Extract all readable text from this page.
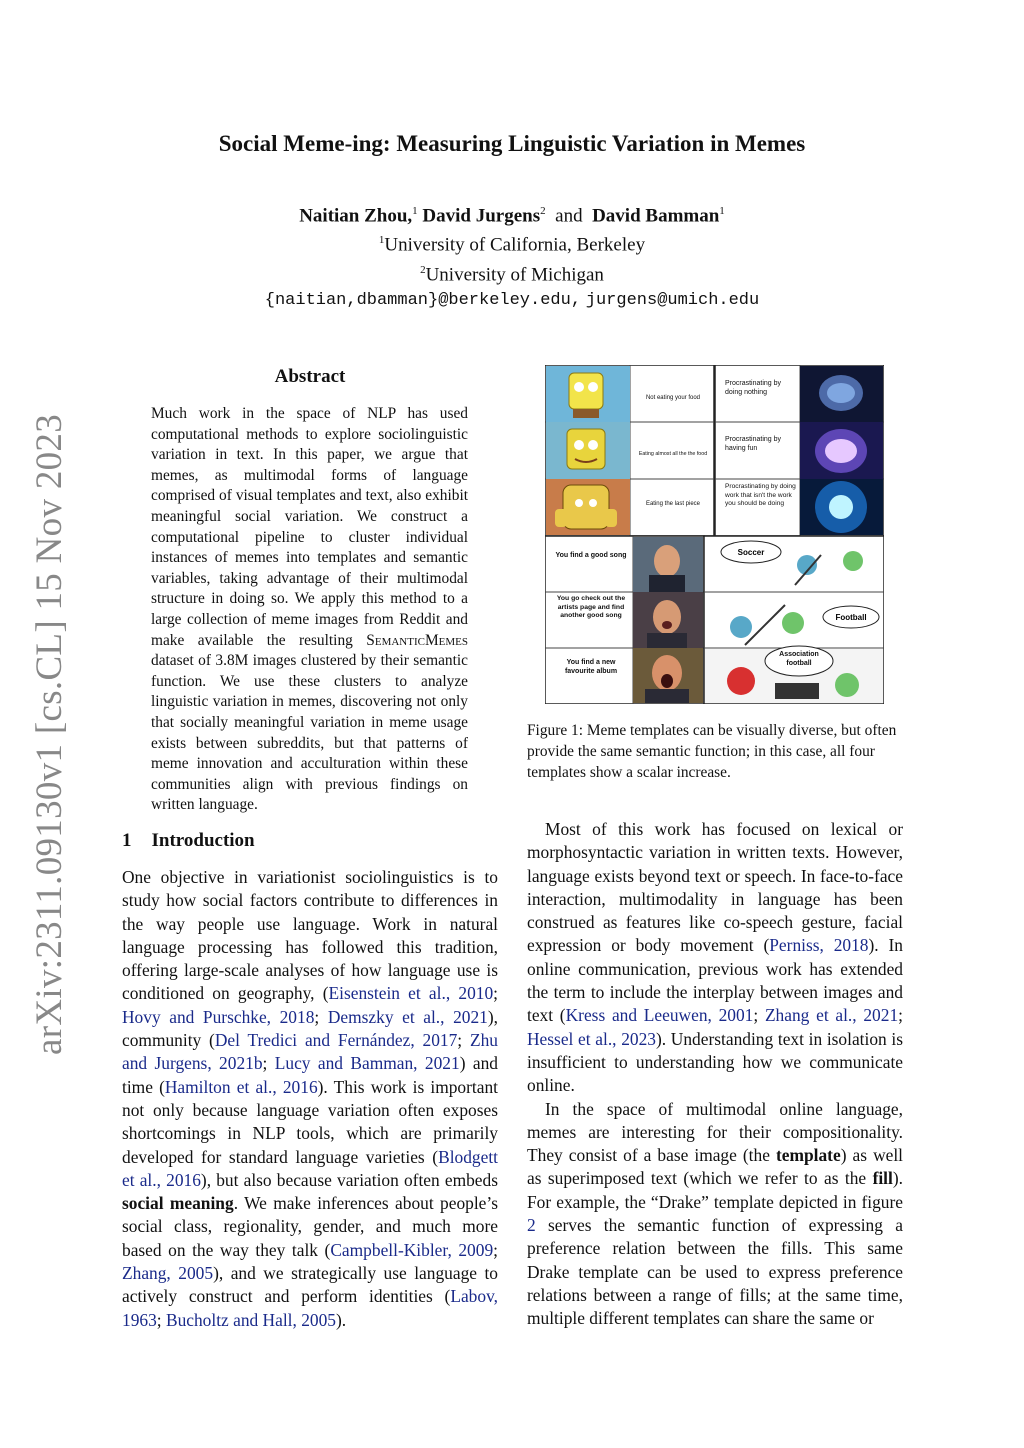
Social Meme-ing: Measuring Linguistic Variation in Memes
Naitian Zhou,$^1$ David Jurgens$^2$ and David Bamman$^1$
$^1$University of California, Berkeley
$^2$University of Michigan
{naitian,dbamman}@berkeley.edu, jurgens@umich.edu
arXiv:2311.09130v1 [cs.CL] 15 Nov 2023
Abstract
Much work in the space of NLP has used computational methods to explore sociolinguistic variation in text. In this paper, we argue that memes, as multimodal forms of language comprised of visual templates and text, also exhibit meaningful social variation. We construct a computational pipeline to cluster individual instances of memes into templates and semantic variables, taking advantage of their multimodal structure in doing so. We apply this method to a large collection of meme images from Reddit and make available the resulting SemanticMemes dataset of 3.8M images clustered by their semantic function. We use these clusters to analyze linguistic variation in memes, discovering not only that socially meaningful variation in meme usage exists between subreddits, but that patterns of meme innovation and acculturation within these communities align with previous findings on written language.
1 Introduction

One objective in variationist sociolinguistics is to study how social factors contribute to differences in the way people use language. Work in natural language processing has followed this tradition, offering large-scale analyses of how language use is conditioned on geography, (Eisenstein et al., 2010; Hovy and Purschke, 2018; Demszky et al., 2021), community (Del Tredici and Fernández, 2017; Zhu and Jurgens, 2021b; Lucy and Bamman, 2021) and time (Hamilton et al., 2016). This work is important not only because language variation often exposes shortcomings in NLP tools, which are primarily developed for standard language varieties (Blodgett et al., 2016), but also because variation often embeds social meaning. We make inferences about people’s social class, regionality, gender, and much more based on the way they talk (Campbell-Kibler, 2009; Zhang, 2005), and we strategically use language to actively construct and perform identities (Labov, 1963; Bucholtz and Hall, 2005).

Not eating your food
Eating almost all the the food
Eating the last piece
Procrastinating by doing nothing
Procrastinating by having fun
Procrastinating by doing work that isn't the work you should be doing
You find a good song
You go check out the artists page and find another good song
You find a new favourite album
Soccer
Football
Association football
Figure 1: Meme templates can be visually diverse, but often provide the same semantic function; in this case, all four templates show a scalar increase.

Most of this work has focused on lexical or morphosyntactic variation in written texts. However, language exists beyond text or speech. In face-to-face interaction, multimodality in language has been construed as features like co-speech gesture, facial expression or body movement (Perniss, 2018). In online communication, previous work has extended the term to include the interplay between images and text (Kress and Leeuwen, 2001; Zhang et al., 2021; Hessel et al., 2023). Understanding text in isolation is insufficient to understanding how we communicate online.

In the space of multimodal online language, memes are interesting for their compositionality. They consist of a base image (the template) as well as superimposed text (which we refer to as the fill). For example, the “Drake” template depicted in figure 2 serves the semantic function of expressing a preference relation between the fills. This same Drake template can be used to express preference relations between a range of fills; at the same time, multiple different templates can share the same or
